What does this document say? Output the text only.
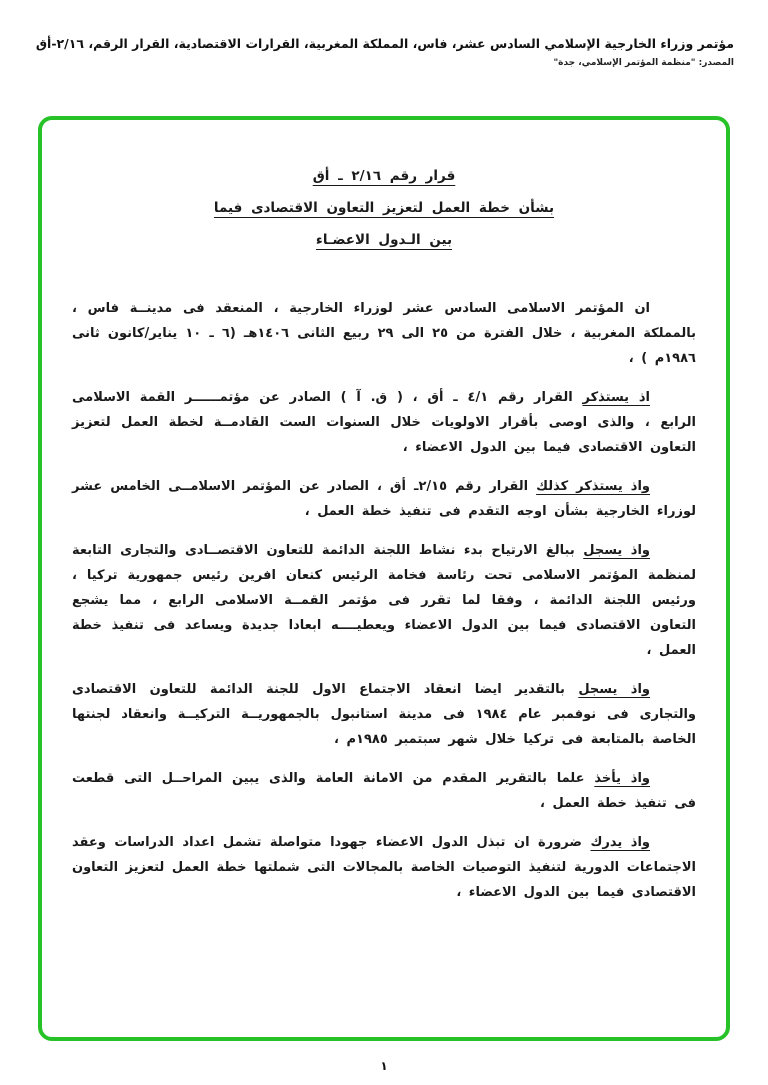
مؤتمر وزراء الخارجية الإسلامي السادس عشر، فاس، المملكة المغربية، القرارات الاقتصادية، القرار الرقم، ٢/١٦-أق
المصدر: "منظمة المؤتمر الإسلامي، جدة"
قرار رقم ٢/١٦ ـ أق
بشأن خطة العمل لتعزيز التعاون الاقتصادى فيما
بين الـدول الاعضـاء

ان المؤتمر الاسلامى السادس عشر لوزراء الخارجية ، المنعقد فى مدينــة فاس ، بالمملكة المغربية ، خلال الفترة من ٢٥ الى ٢٩ ربيع الثانى ١٤٠٦هـ (٦ ـ ١٠ يناير/كانون ثانى ١٩٨٦م ) ،

اذ يستذكر القرار رقم ٤/١ ـ أق ، ( ق. آ ) الصادر عن مؤتمــــــر القمة الاسلامى الرابع ، والذى اوصى بأقرار الاولويات خلال السنوات الست القادمــة لخطة العمل لتعزيز التعاون الاقتصادى فيما بين الدول الاعضاء ،

واذ يستذكر كذلك القرار رقم ٢/١٥ـ أق ، الصادر عن المؤتمر الاسلامــى الخامس عشر لوزراء الخارجية بشأن اوجه التقدم فى تنفيذ خطة العمل ،

واذ يسجل ببالغ الارتياح بدء نشاط اللجنة الدائمة للتعاون الاقتصــادى والتجارى التابعة لمنظمة المؤتمر الاسلامى تحت رئاسة فخامة الرئيس كنعان افرين رئيس جمهورية تركيا ، ورئيس اللجنة الدائمة ، وفقا لما تقرر فى مؤتمر القمــة الاسلامى الرابع ، مما يشجع التعاون الاقتصادى فيما بين الدول الاعضاء ويعطيــــه ابعادا جديدة ويساعد فى تنفيذ خطة العمل ،

واذ يسجل بالتقدير ايضا انعقاد الاجتماع الاول للجنة الدائمة للتعاون الاقتصادى والتجارى فى نوفمبر عام ١٩٨٤ فى مدينة استانبول بالجمهوريــة التركيــة وانعقاد لجنتها الخاصة بالمتابعة فى تركيا خلال شهر سبتمبر ١٩٨٥م ،

واذ يأخذ علما بالتقرير المقدم من الامانة العامة والذى يبين المراحــل التى قطعت فى تنفيذ خطة العمل ،

واذ يدرك ضرورة ان تبذل الدول الاعضاء جهودا متواصلة تشمل اعداد الدراسات وعقد الاجتماعات الدورية لتنفيذ التوصيات الخاصة بالمجالات التى شملتها خطة العمل لتعزيز التعاون الاقتصادى فيما بين الدول الاعضاء ،

١
